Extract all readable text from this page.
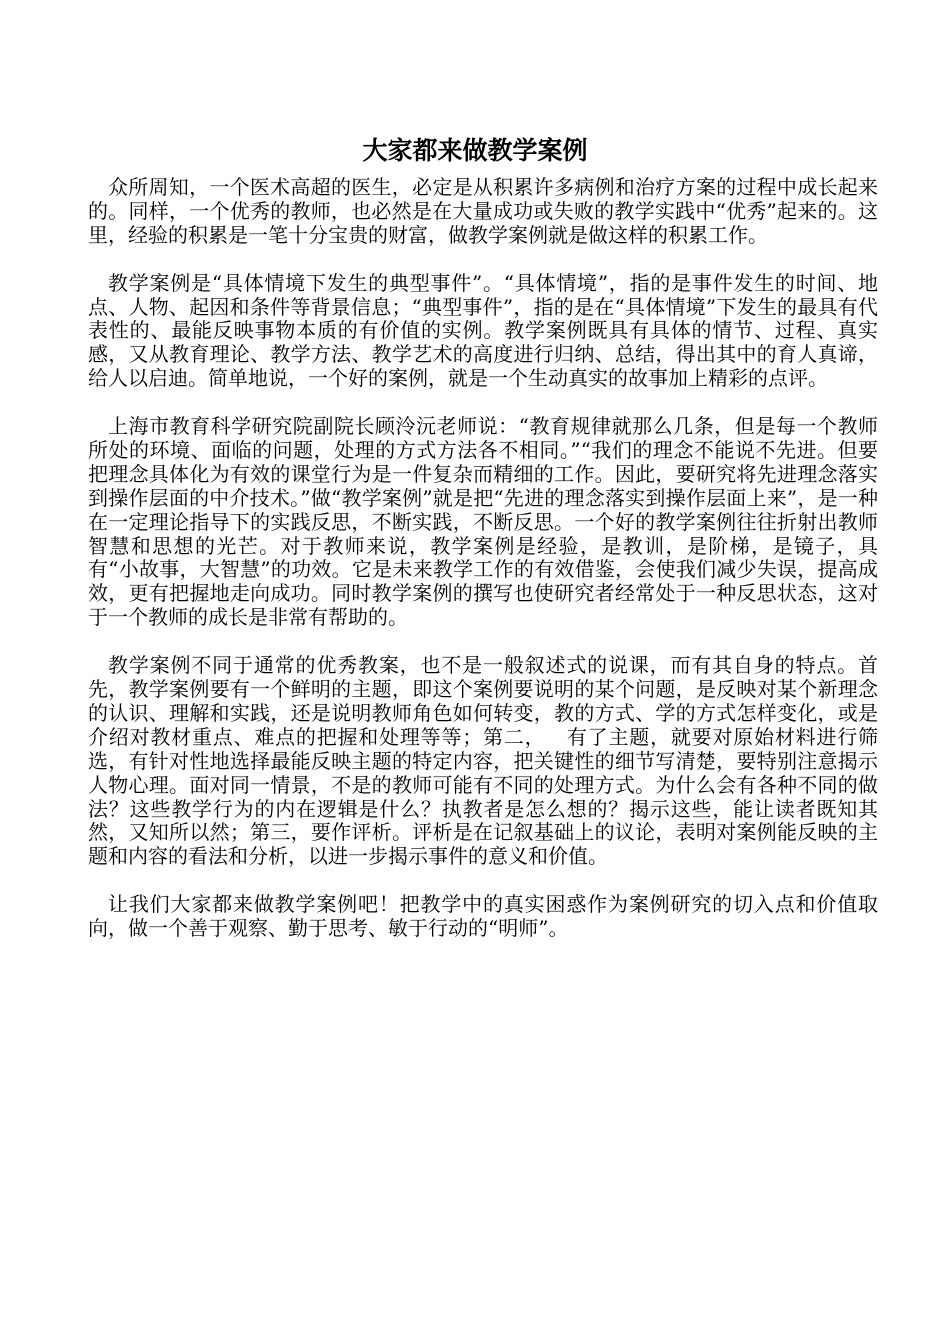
大家都来做教学案例

众所周知，一个医术高超的医生，必定是从积累许多病例和治疗方案的过程中成长起来的。同样，一个优秀的教师，也必然是在大量成功或失败的教学实践中“优秀”起来的。这里，经验的积累是一笔十分宝贵的财富，做教学案例就是做这样的积累工作。

教学案例是“具体情境下发生的典型事件”。“具体情境”，指的是事件发生的时间、地点、人物、起因和条件等背景信息；“典型事件”，指的是在“具体情境”下发生的最具有代表性的、最能反映事物本质的有价值的实例。教学案例既具有具体的情节、过程、真实感，又从教育理论、教学方法、教学艺术的高度进行归纳、总结，得出其中的育人真谛，给人以启迪。简单地说，一个好的案例，就是一个生动真实的故事加上精彩的点评。

上海市教育科学研究院副院长顾泠沅老师说：“教育规律就那么几条，但是每一个教师所处的环境、面临的问题，处理的方式方法各不相同。”“我们的理念不能说不先进。但要把理念具体化为有效的课堂行为是一件复杂而精细的工作。因此，要研究将先进理念落实到操作层面的中介技术。”做“教学案例”就是把“先进的理念落实到操作层面上来”，是一种在一定理论指导下的实践反思，不断实践，不断反思。一个好的教学案例往往折射出教师智慧和思想的光芒。对于教师来说，教学案例是经验，是教训，是阶梯，是镜子，具有“小故事，大智慧”的功效。它是未来教学工作的有效借鉴，会使我们减少失误，提高成效，更有把握地走向成功。同时教学案例的撰写也使研究者经常处于一种反思状态，这对于一个教师的成长是非常有帮助的。

教学案例不同于通常的优秀教案，也不是一般叙述式的说课，而有其自身的特点。首先，教学案例要有一个鲜明的主题，即这个案例要说明的某个问题，是反映对某个新理念的认识、理解和实践，还是说明教师角色如何转变，教的方式、学的方式怎样变化，或是介绍对教材重点、难点的把握和处理等等；第二，   有了主题，就要对原始材料进行筛选，有针对性地选择最能反映主题的特定内容，把关键性的细节写清楚，要特别注意揭示人物心理。面对同一情景，不是的教师可能有不同的处理方式。为什么会有各种不同的做法？这些教学行为的内在逻辑是什么？执教者是怎么想的？揭示这些，能让读者既知其然，又知所以然；第三，要作评析。评析是在记叙基础上的议论，表明对案例能反映的主题和内容的看法和分析，以进一步揭示事件的意义和价值。

让我们大家都来做教学案例吧！把教学中的真实困惑作为案例研究的切入点和价值取向，做一个善于观察、勤于思考、敏于行动的“明师”。
